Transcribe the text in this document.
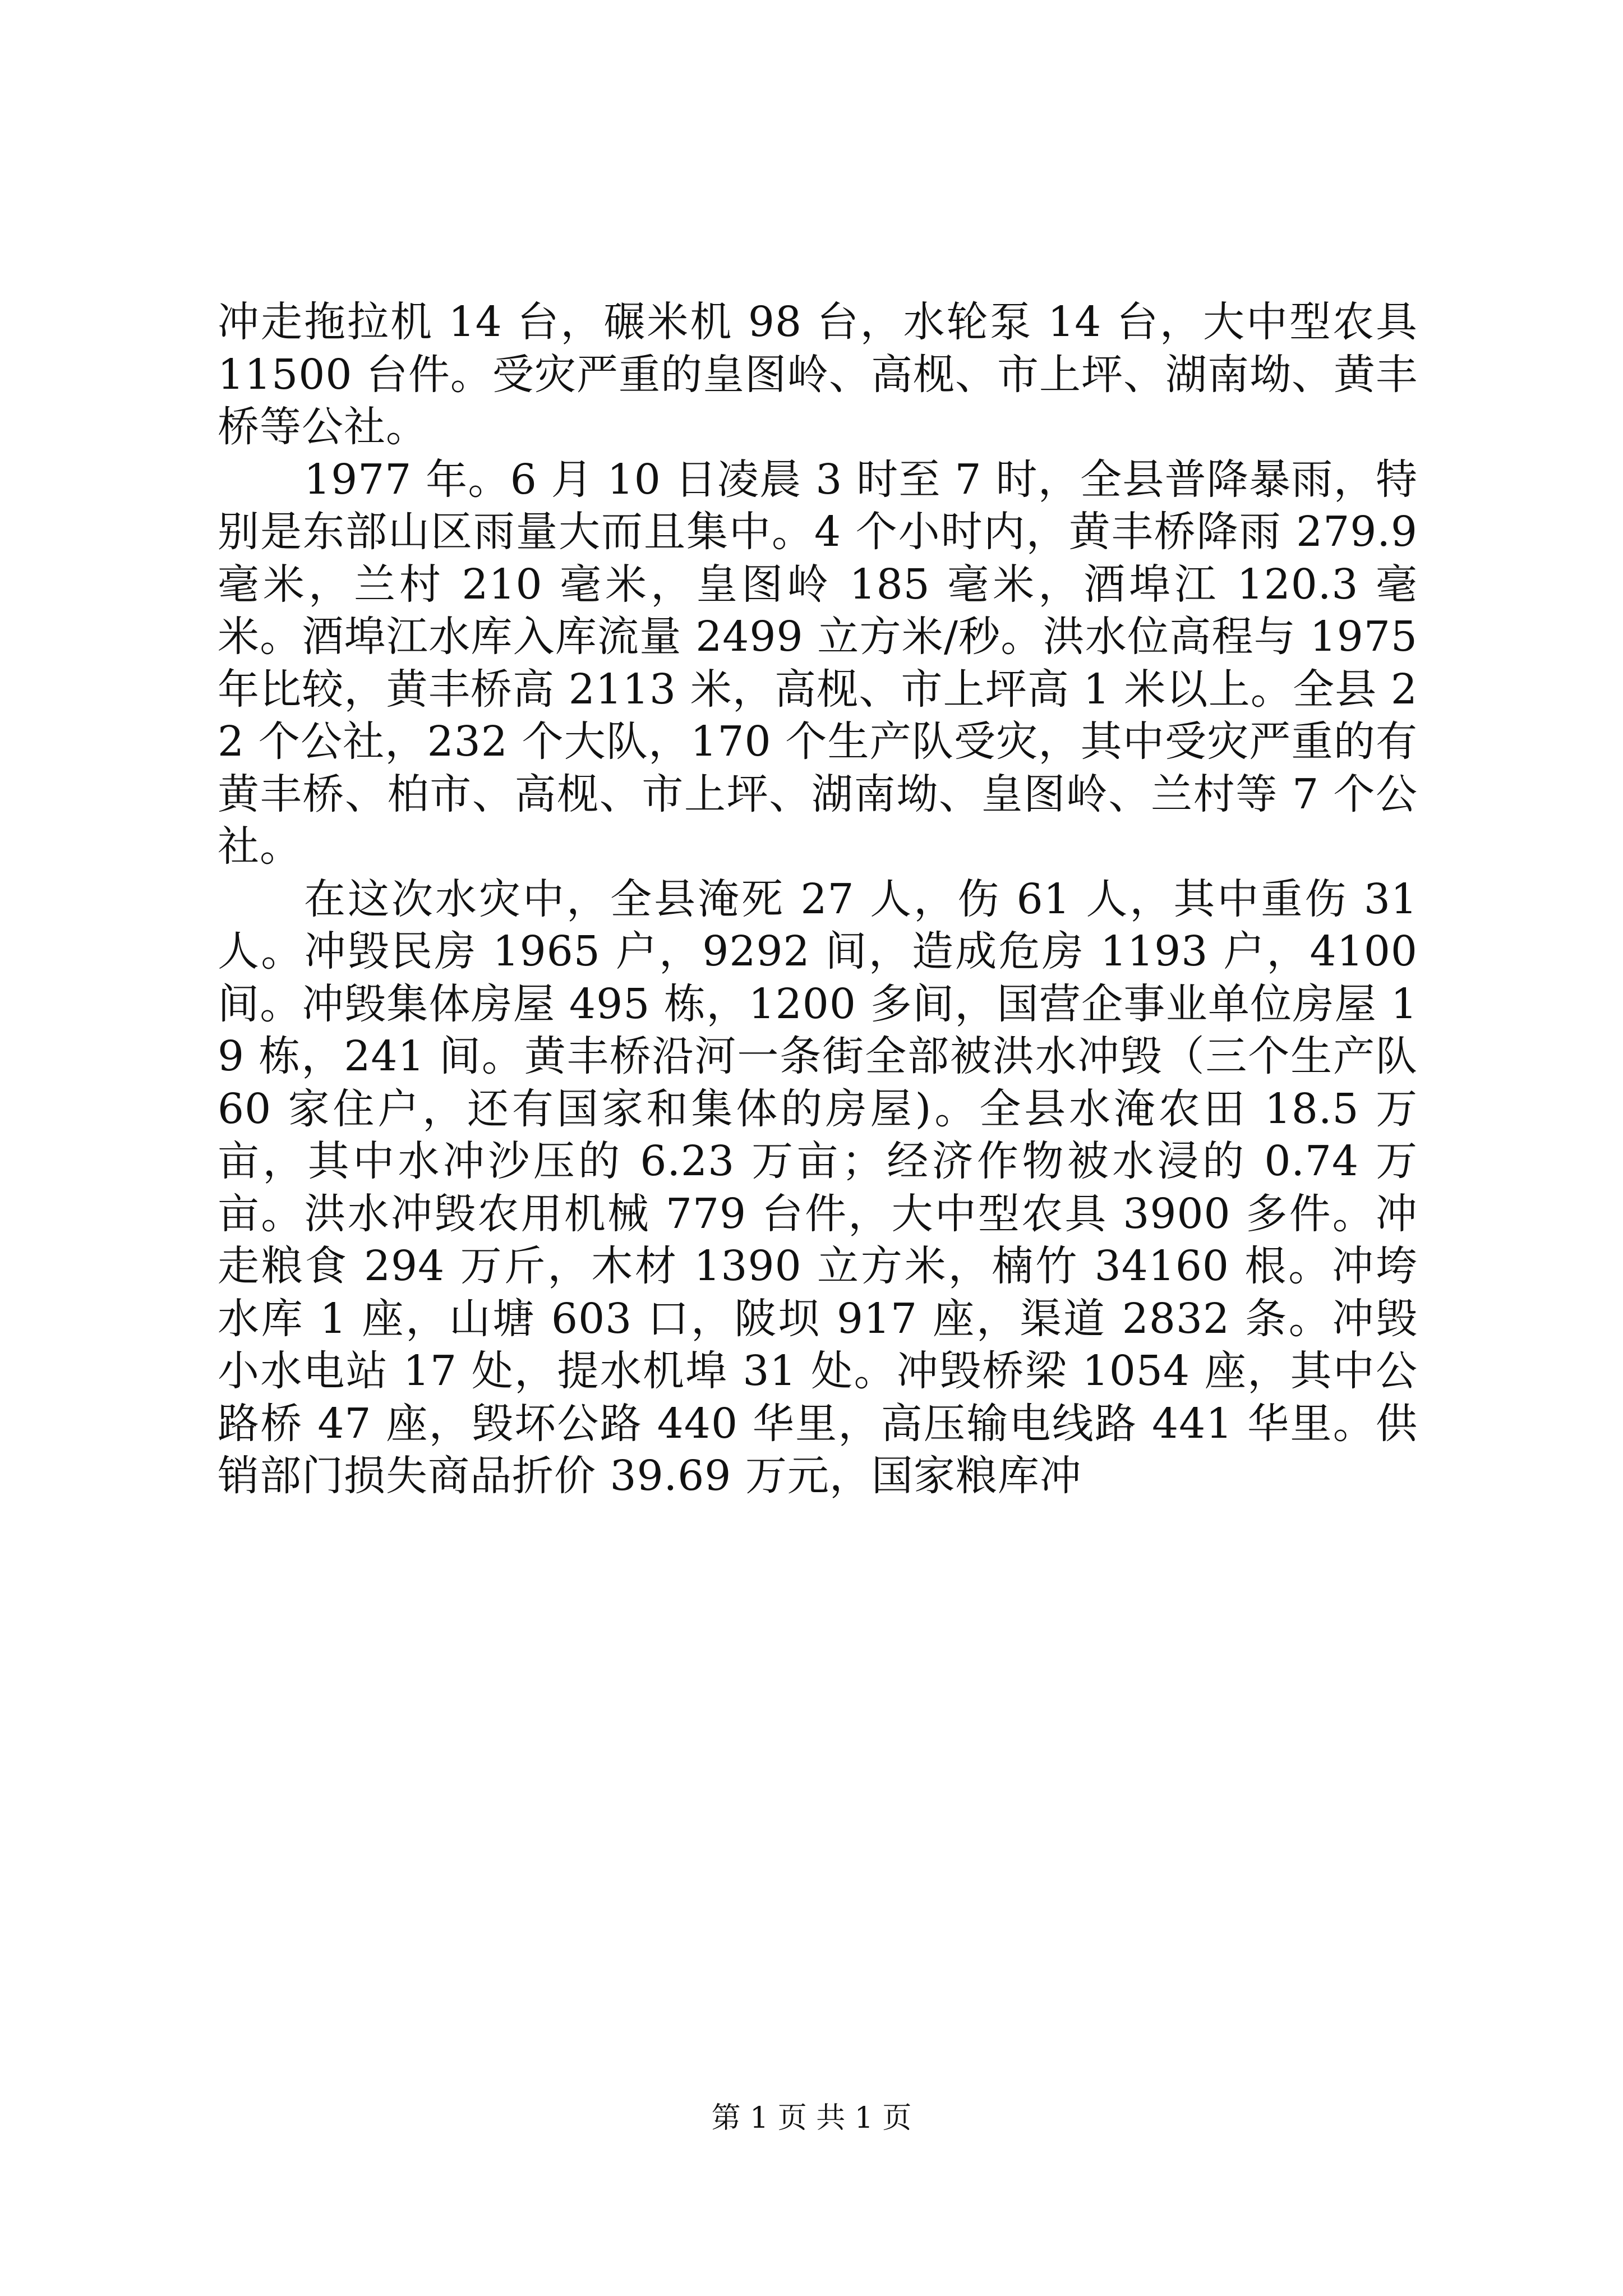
冲走拖拉机 14 台，碾米机 98 台，水轮泵 14 台，大中型农具 11500 台件。受灾严重的皇图岭、高枧、市上坪、湖南坳、黄丰桥等公社。

1977 年。6 月 10 日凌晨 3 时至 7 时，全县普降暴雨，特别是东部山区雨量大而且集中。4 个小时内，黄丰桥降雨 279.9 毫米，兰村 210 毫米，皇图岭 185 毫米，酒埠江 120.3 毫米。酒埠江水库入库流量 2499 立方米/秒。洪水位高程与 1975 年比较，黄丰桥高 2113 米，高枧、市上坪高 1 米以上。全县 22 个公社，232 个大队，170 个生产队受灾，其中受灾严重的有黄丰桥、柏市、高枧、市上坪、湖南坳、皇图岭、兰村等 7 个公社。

在这次水灾中，全县淹死 27 人，伤 61 人，其中重伤 31 人。冲毁民房 1965 户，9292 间，造成危房 1193 户，4100 间。冲毁集体房屋 495 栋，1200 多间，国营企事业单位房屋 19 栋，241 间。黄丰桥沿河一条街全部被洪水冲毁（三个生产队 60 家住户，还有国家和集体的房屋)。全县水淹农田 18.5 万亩，其中水冲沙压的 6.23 万亩；经济作物被水浸的 0.74 万亩。洪水冲毁农用机械 779 台件，大中型农具 3900 多件。冲走粮食 294 万斤，木材 1390 立方米，楠竹 34160 根。冲垮水库 1 座，山塘 603 口，陂坝 917 座，渠道 2832 条。冲毁小水电站 17 处，提水机埠 31 处。冲毁桥梁 1054 座，其中公路桥 47 座，毁坏公路 440 华里，高压输电线路 441 华里。供销部门损失商品折价 39.69 万元，国家粮库冲

第 1 页 共 1 页
